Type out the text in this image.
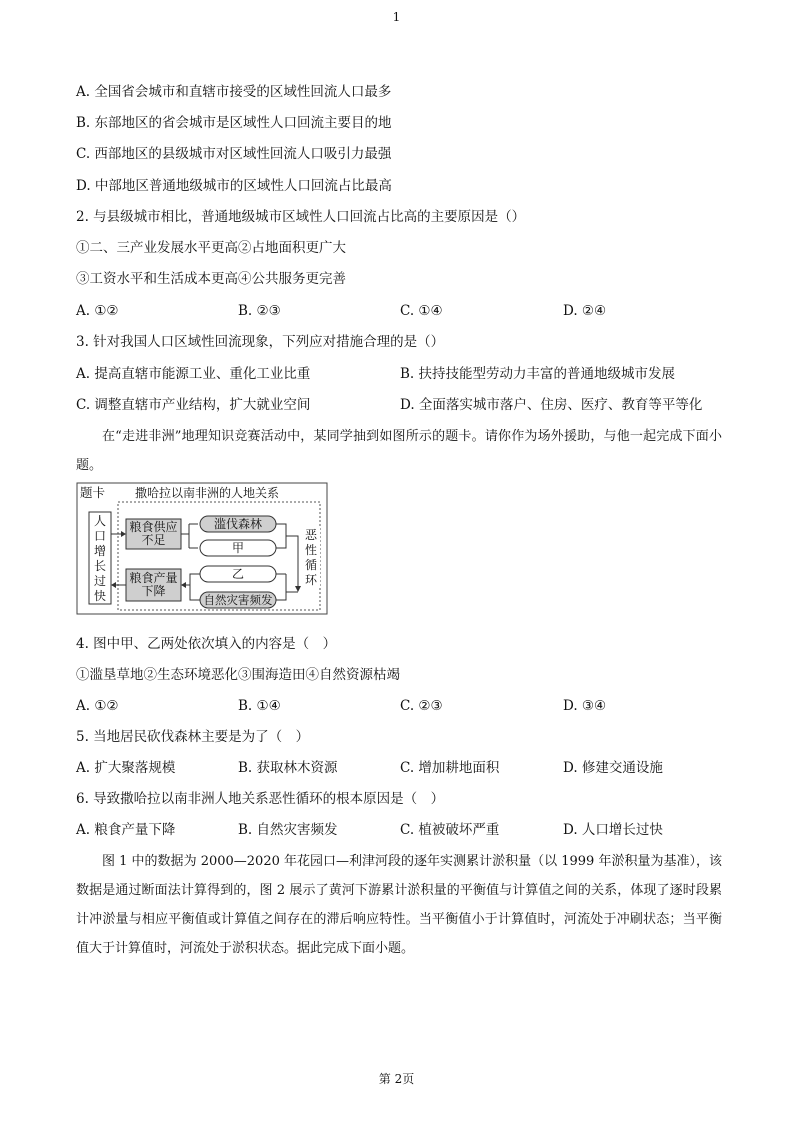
1
A. 全国省会城市和直辖市接受的区域性回流人口最多
B. 东部地区的省会城市是区域性人口回流主要目的地
C. 西部地区的县级城市对区域性回流人口吸引力最强
D. 中部地区普通地级城市的区域性人口回流占比最高
2. 与县级城市相比，普通地级城市区域性人口回流占比高的主要原因是（）
①二、三产业发展水平更高②占地面积更广大
③工资水平和生活成本更高④公共服务更完善
A. ①②	B. ②③	C. ①④	D. ②④
3. 针对我国人口区域性回流现象，下列应对措施合理的是（）
A. 提高直辖市能源工业、重化工业比重	B. 扶持技能型劳动力丰富的普通地级城市发展
C. 调整直辖市产业结构，扩大就业空间	D. 全面落实城市落户、住房、医疗、教育等平等化
在“走进非洲”地理知识竞赛活动中，某同学抽到如图所示的题卡。请你作为场外援助，与他一起完成下面小题。
题卡 撒哈拉以南非洲的人地关系
人
口
增
长
过
快
粮食供应
不足
粮食产量
下降
滥伐森林
甲
乙
自然灾害频发
恶
性
循
环
4. 图中甲、乙两处依次填入的内容是（　）
①滥垦草地②生态环境恶化③围海造田④自然资源枯竭
A. ①②	B. ①④	C. ②③	D. ③④
5. 当地居民砍伐森林主要是为了（　）
A. 扩大聚落规模	B. 获取林木资源	C. 增加耕地面积	D. 修建交通设施
6. 导致撒哈拉以南非洲人地关系恶性循环的根本原因是（　）
A. 粮食产量下降	B. 自然灾害频发	C. 植被破坏严重	D. 人口增长过快
图 1 中的数据为 2000—2020 年花园口—利津河段的逐年实测累计淤积量（以 1999 年淤积量为基准），该数据是通过断面法计算得到的，图 2 展示了黄河下游累计淤积量的平衡值与计算值之间的关系，体现了逐时段累计冲淤量与相应平衡值或计算值之间存在的滞后响应特性。当平衡值小于计算值时，河流处于冲刷状态；当平衡值大于计算值时，河流处于淤积状态。据此完成下面小题。
第 2页
